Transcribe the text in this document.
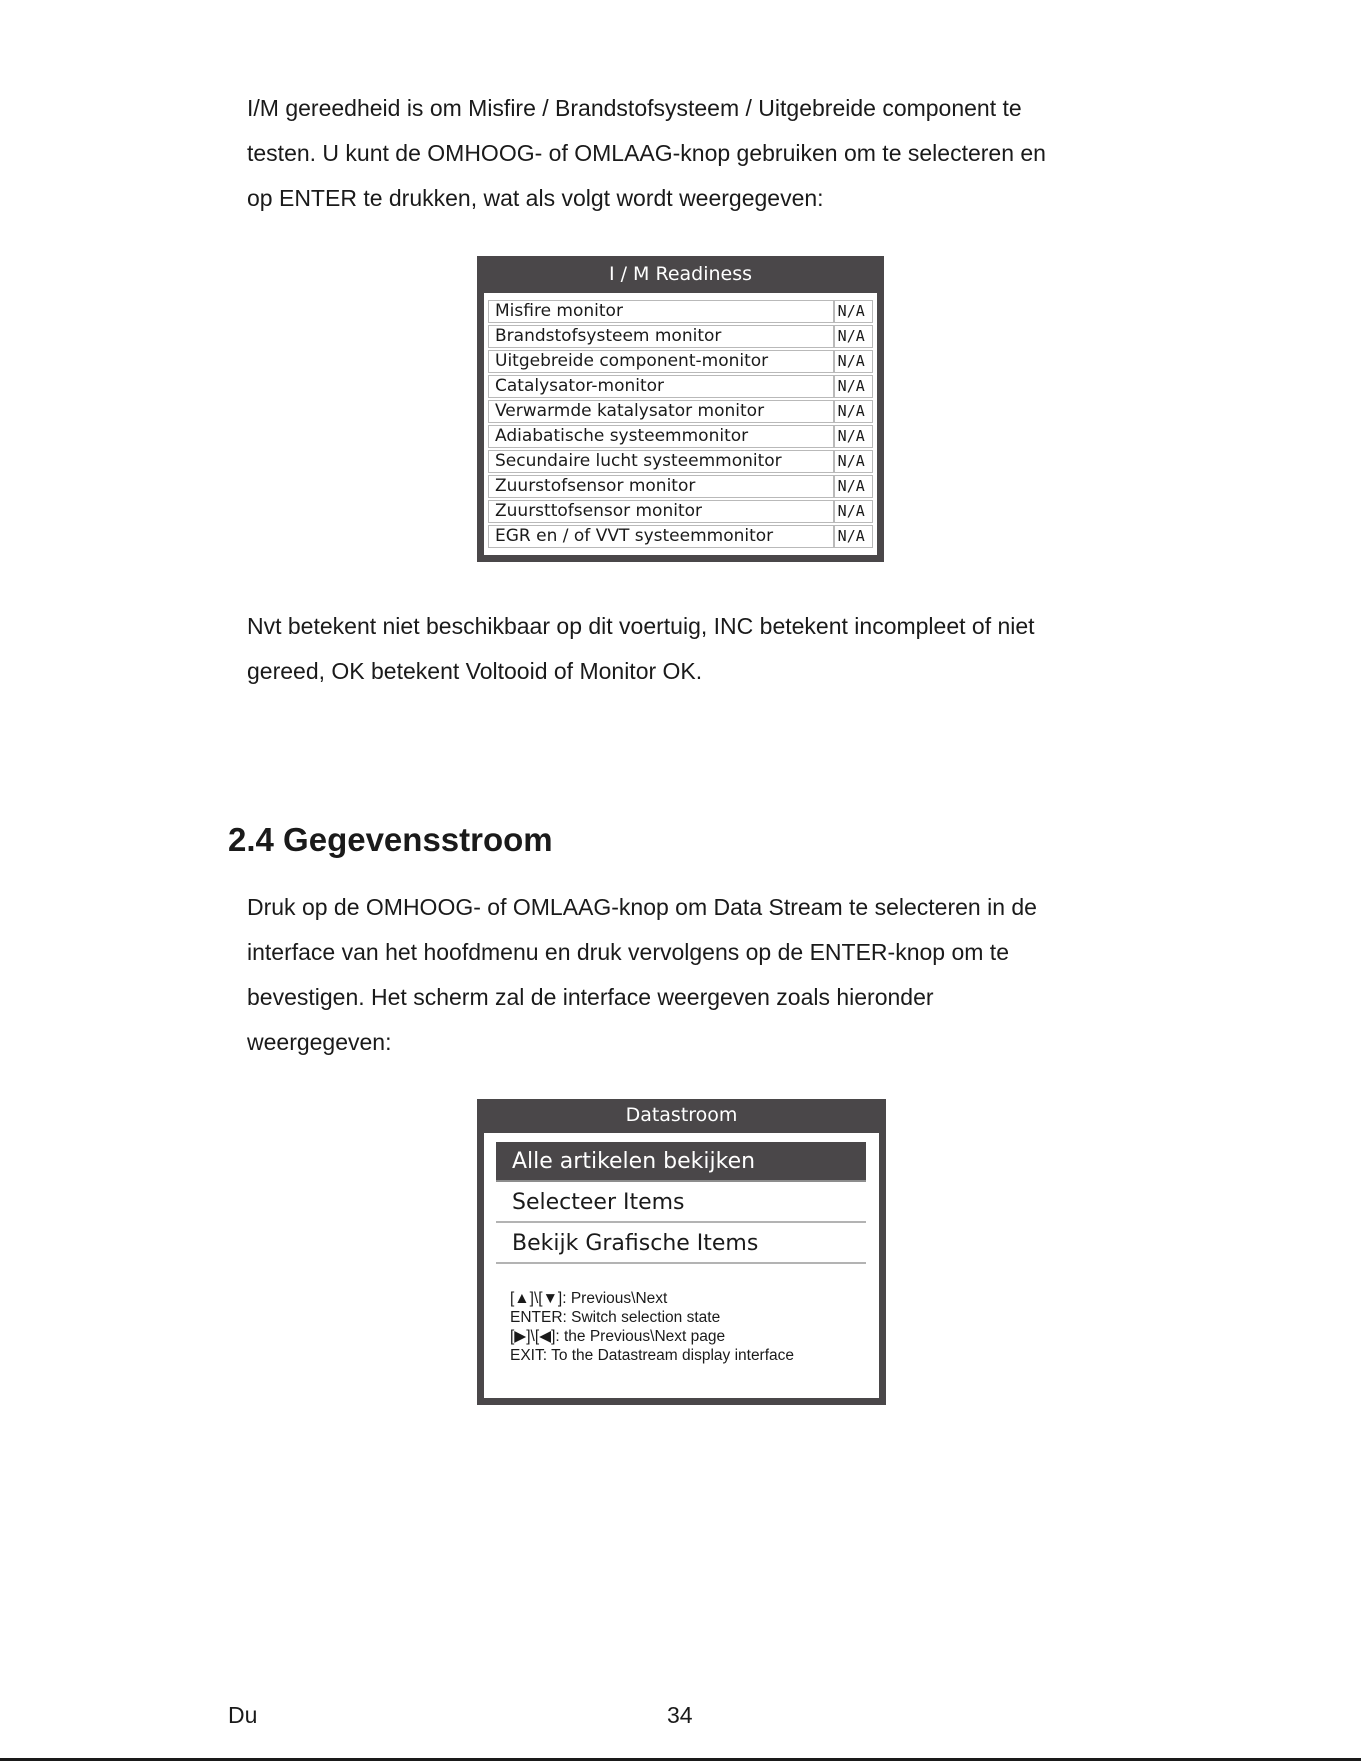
I/M gereedheid is om Misfire / Brandstofsysteem / Uitgebreide component te
testen. U kunt de OMHOOG- of OMLAAG-knop gebruiken om te selecteren en
op ENTER te drukken, wat als volgt wordt weergegeven:

I / M Readiness
Misfire monitor	N/A
Brandstofsysteem monitor	N/A
Uitgebreide component-monitor	N/A
Catalysator-monitor	N/A
Verwarmde katalysator monitor	N/A
Adiabatische systeemmonitor	N/A
Secundaire lucht systeemmonitor	N/A
Zuurstofsensor monitor	N/A
Zuursttofsensor monitor	N/A
EGR en / of VVT systeemmonitor	N/A

Nvt betekent niet beschikbaar op dit voertuig, INC betekent incompleet of niet
gereed, OK betekent Voltooid of Monitor OK.

2.4 Gegevensstroom

Druk op de OMHOOG- of OMLAAG-knop om Data Stream te selecteren in de
interface van het hoofdmenu en druk vervolgens op de ENTER-knop om te
bevestigen. Het scherm zal de interface weergeven zoals hieronder
weergegeven:

Datastroom
Alle artikelen bekijken
Selecteer Items
Bekijk Grafische Items
[▲]\[▼]: Previous\Next
ENTER: Switch selection state
[▶]\[◀]: the Previous\Next page
EXIT: To the Datastream display interface
Du	34
